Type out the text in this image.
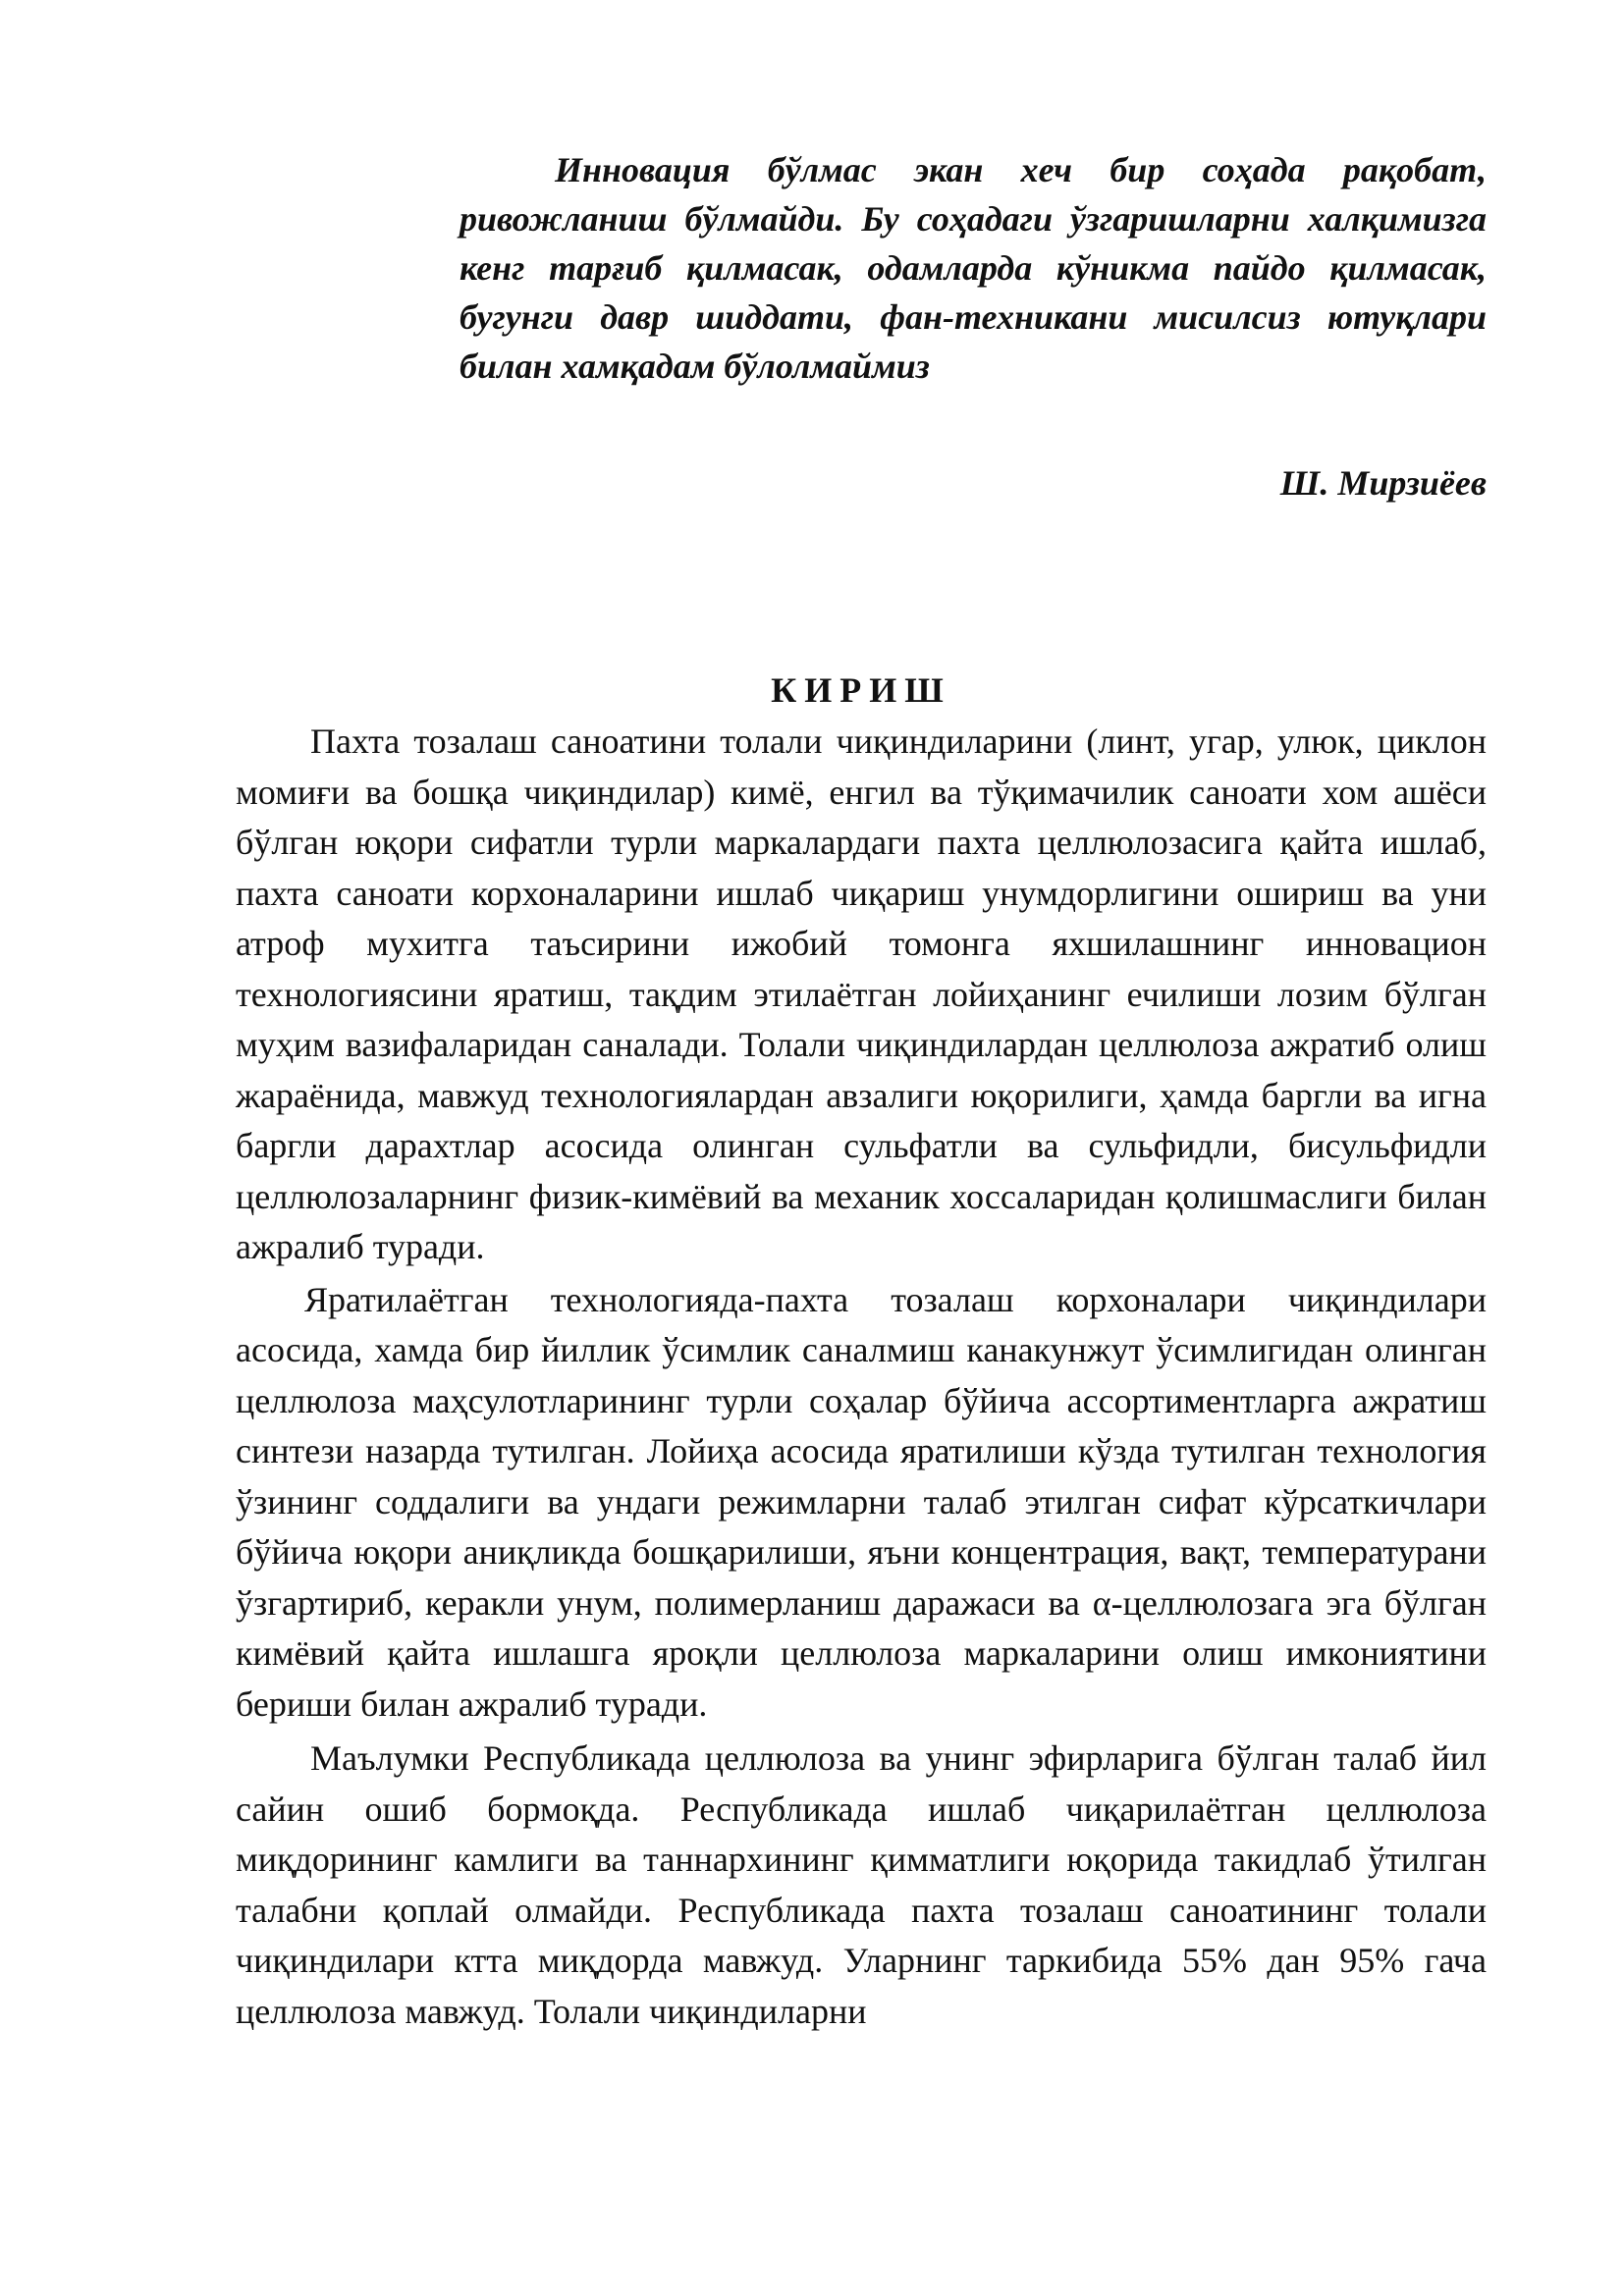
Инновация бўлмас экан хеч бир соҳада рақобат, ривожланиш бўлмайди. Бу соҳадаги ўзгаришларни халқимизга кенг тарғиб қилмасак, одамларда кўникма пайдо қилмасак, бугунги давр шиддати, фан-техникани мисилсиз ютуқлари билан хамқадам бўлолмаймиз
Ш. Мирзиёев
КИРИШ

Пахта тозалаш саноатини толали чиқиндиларини (линт, угар, улюк, циклон момиғи ва бошқа чиқиндилар) кимё, енгил ва тўқимачилик саноати хом ашёси бўлган юқори сифатли турли маркалардаги пахта целлюлозасига қайта ишлаб, пахта саноати корхоналарини ишлаб чиқариш унумдорлигини ошириш ва уни атроф мухитга таъсирини ижобий томонга яхшилашнинг инновацион технологиясини яратиш, тақдим этилаётган лойиҳанинг ечилиши лозим бўлган муҳим вазифаларидан саналади. Толали чиқиндилардан целлюлоза ажратиб олиш жараёнида, мавжуд технологиялардан авзалиги юқорилиги, ҳамда баргли ва игна баргли дарахтлар асосида олинган сульфатли ва сульфидли, бисульфидли целлюлозаларнинг физик-кимёвий ва механик хоссаларидан қолишмаслиги билан ажралиб туради.

Яратилаётган технологияда-пахта тозалаш корхоналари чиқиндилари асосида, хамда бир йиллик ўсимлик саналмиш канакунжут ўсимлигидан олинган целлюлоза маҳсулотларининг турли соҳалар бўйича ассортиментларга ажратиш синтези назарда тутилган. Лойиҳа асосида яратилиши кўзда тутилган технология ўзининг соддалиги ва ундаги режимларни талаб этилган сифат кўрсаткичлари бўйича юқори аниқликда бошқарилиши, яъни концентрация, вақт, температурани ўзгартириб, керакли унум, полимерланиш даражаси ва α-целлюлозага эга бўлган кимёвий қайта ишлашга яроқли целлюлоза маркаларини олиш имкониятини бериши билан ажралиб туради.

Маълумки Республикада целлюлоза ва унинг эфирларига бўлган талаб йил сайин ошиб бормоқда. Республикада ишлаб чиқарилаётган целлюлоза миқдорининг камлиги ва таннархининг қимматлиги юқорида такидлаб ўтилган талабни қоплай олмайди. Республикада пахта тозалаш саноатининг толали чиқиндилари ктта миқдорда мавжуд. Уларнинг таркибида 55% дан 95% гача целлюлоза мавжуд. Толали чиқиндиларни
